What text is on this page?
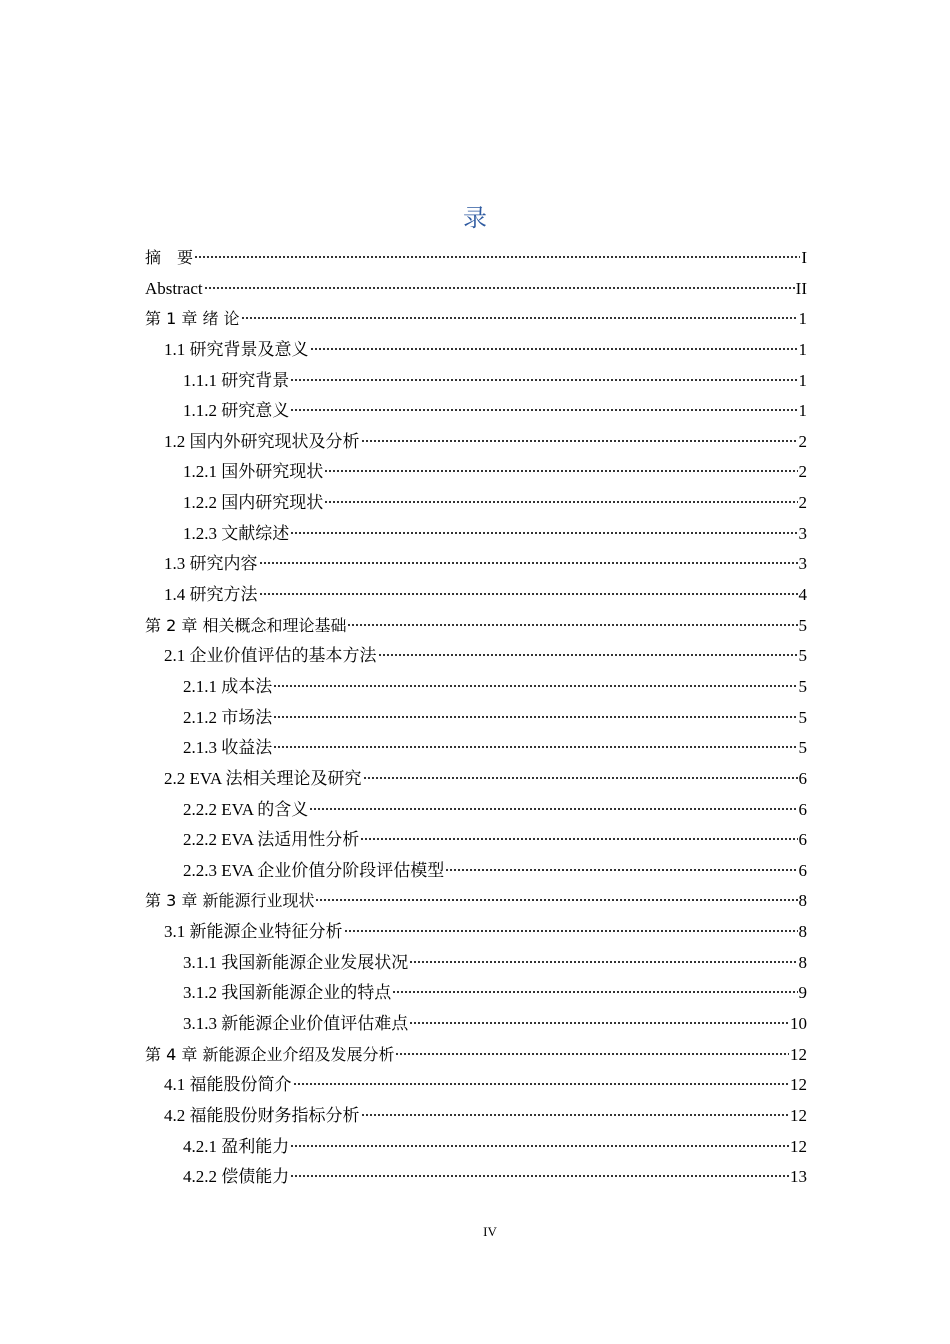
录
摘　要	I
Abstract	II
第 1 章 绪 论	1
1.1 研究背景及意义	1
1.1.1 研究背景	1
1.1.2 研究意义	1
1.2 国内外研究现状及分析	2
1.2.1 国外研究现状	2
1.2.2 国内研究现状	2
1.2.3 文献综述	3
1.3 研究内容	3
1.4 研究方法	4
第 2 章 相关概念和理论基础	5
2.1 企业价值评估的基本方法	5
2.1.1 成本法	5
2.1.2 市场法	5
2.1.3 收益法	5
2.2 EVA 法相关理论及研究	6
2.2.2 EVA 的含义	6
2.2.2 EVA 法适用性分析	6
2.2.3 EVA 企业价值分阶段评估模型	6
第 3 章 新能源行业现状	8
3.1 新能源企业特征分析	8
3.1.1 我国新能源企业发展状况	8
3.1.2 我国新能源企业的特点	9
3.1.3 新能源企业价值评估难点	10
第 4 章 新能源企业介绍及发展分析	12
4.1 福能股份简介	12
4.2 福能股份财务指标分析	12
4.2.1 盈利能力	12
4.2.2 偿债能力	13
IV
